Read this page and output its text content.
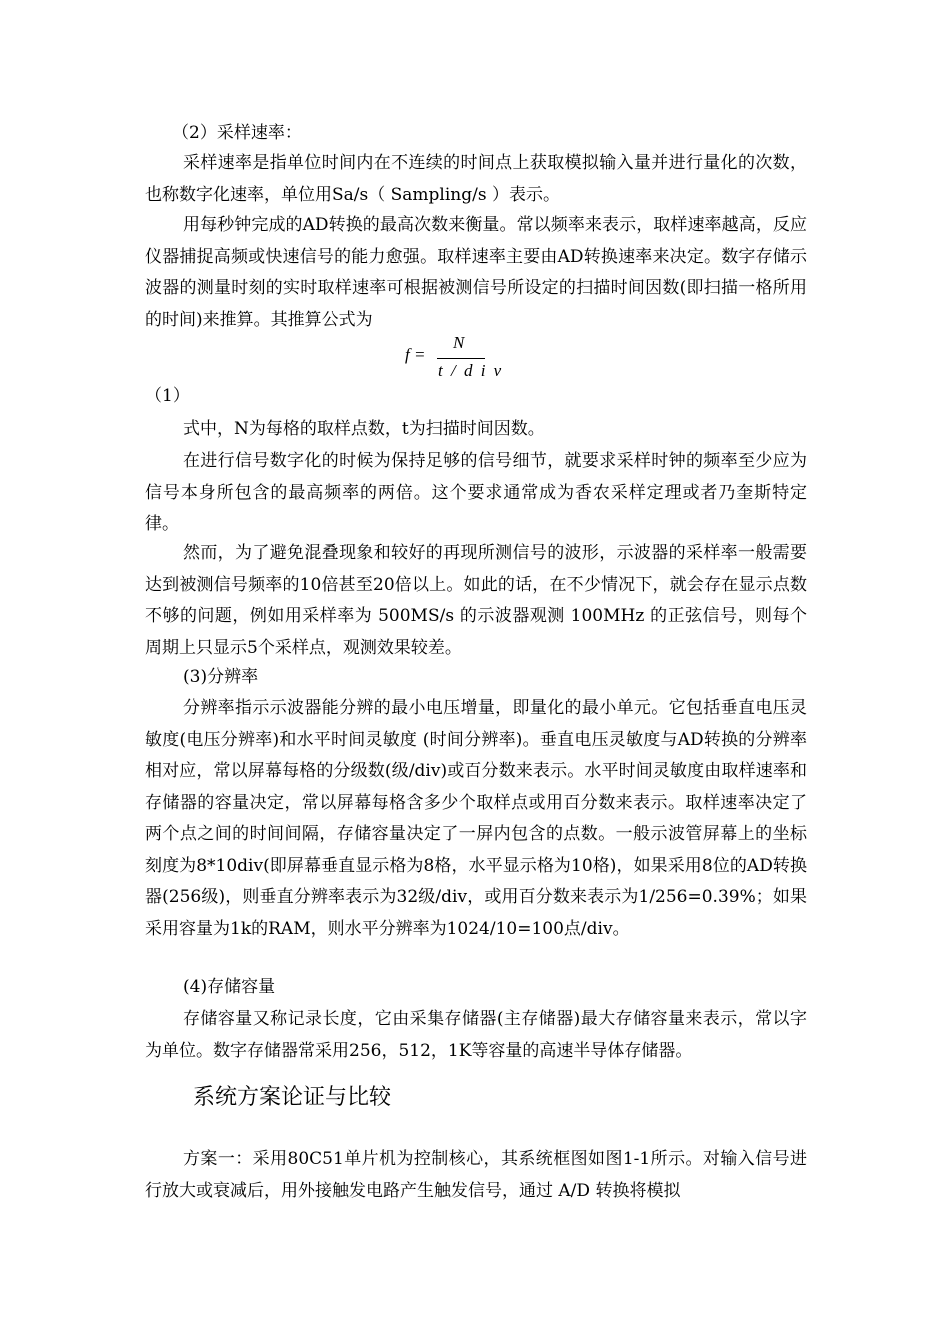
（2）采样速率：

采样速率是指单位时间内在不连续的时间点上获取模拟输入量并进行量化的次数，也称数字化速率，单位用Sa/s（ Sampling/s ）表示。

用每秒钟完成的AD转换的最高次数来衡量。常以频率来表示，取样速率越高，反应仪器捕捉高频或快速信号的能力愈强。取样速率主要由AD转换速率来决定。数字存储示波器的测量时刻的实时取样速率可根据被测信号所设定的扫描时间因数(即扫描一格所用的时间)来推算。其推算公式为

f =
N
t / d i v

（1）

式中，N为每格的取样点数，t为扫描时间因数。

在进行信号数字化的时候为保持足够的信号细节，就要求采样时钟的频率至少应为信号本身所包含的最高频率的两倍。这个要求通常成为香农采样定理或者乃奎斯特定律。

然而，为了避免混叠现象和较好的再现所测信号的波形，示波器的采样率一般需要达到被测信号频率的10倍甚至20倍以上。如此的话，在不少情况下，就会存在显示点数不够的问题，例如用采样率为 500MS/s 的示波器观测 100MHz 的正弦信号，则每个周期上只显示5个采样点，观测效果较差。

(3)分辨率

分辨率指示示波器能分辨的最小电压增量，即量化的最小单元。它包括垂直电压灵敏度(电压分辨率)和水平时间灵敏度 (时间分辨率)。垂直电压灵敏度与AD转换的分辨率相对应，常以屏幕每格的分级数(级/div)或百分数来表示。水平时间灵敏度由取样速率和存储器的容量决定，常以屏幕每格含多少个取样点或用百分数来表示。取样速率决定了两个点之间的时间间隔，存储容量决定了一屏内包含的点数。一般示波管屏幕上的坐标刻度为8*10div(即屏幕垂直显示格为8格，水平显示格为10格)，如果采用8位的AD转换器(256级)，则垂直分辨率表示为32级/div，或用百分数来表示为1/256=0.39%；如果采用容量为1k的RAM，则水平分辨率为1024/10=100点/div。

(4)存储容量

存储容量又称记录长度，它由采集存储器(主存储器)最大存储容量来表示，常以字为单位。数字存储器常采用256，512，1K等容量的高速半导体存储器。

系统方案论证与比较

方案一：采用80C51单片机为控制核心，其系统框图如图1-1所示。对输入信号进行放大或衰减后，用外接触发电路产生触发信号，通过 A/D 转换将模拟
